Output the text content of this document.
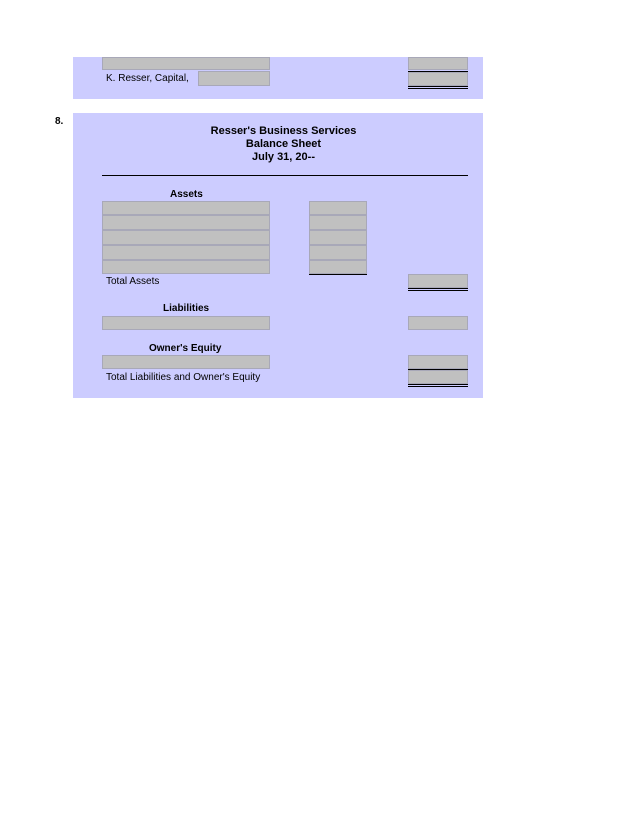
K. Resser, Capital,
8.
Resser's Business Services
Balance Sheet
July 31, 20--
Assets
Total Assets
Liabilities
Owner's Equity
Total Liabilities and Owner's Equity
